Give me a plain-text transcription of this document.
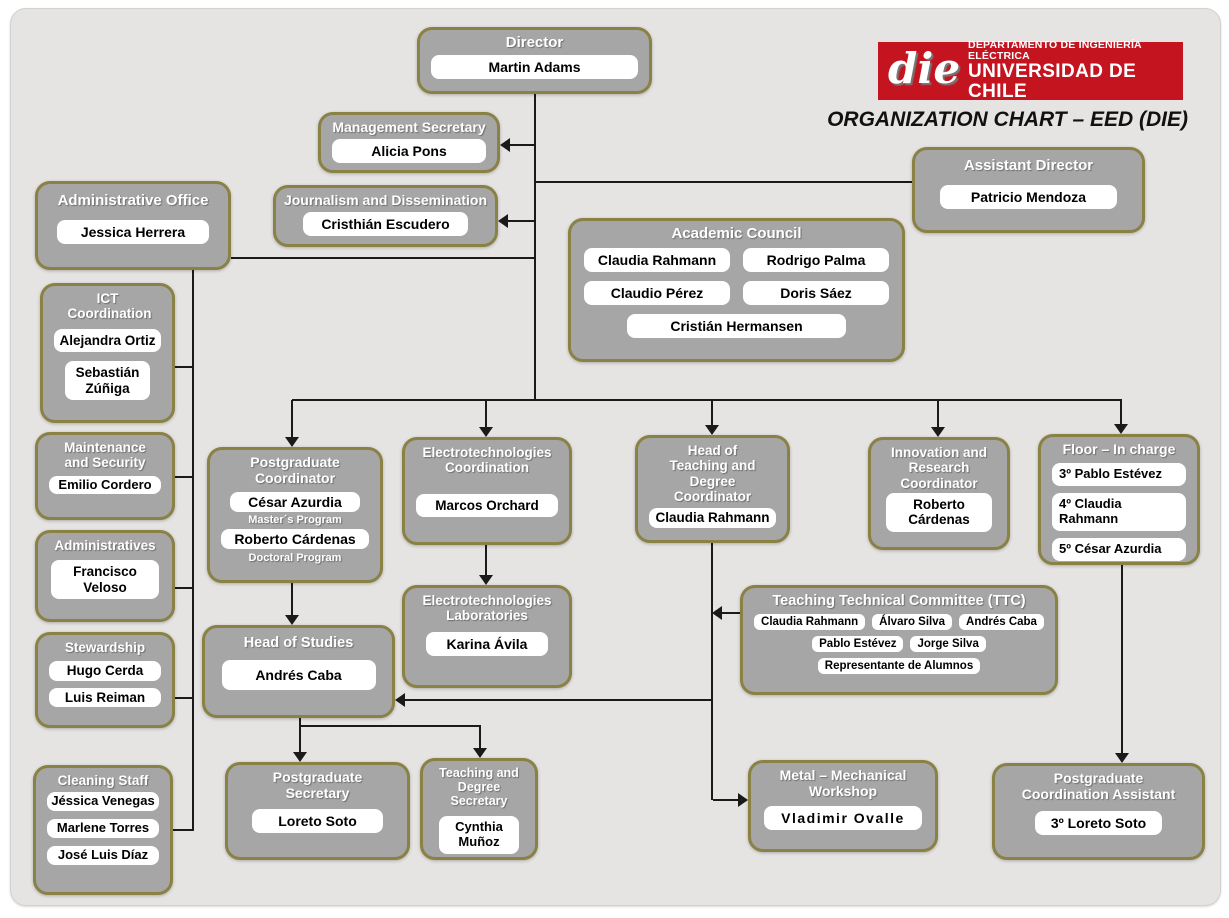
die DEPARTAMENTO DE INGENIERÍA ELÉCTRICA
UNIVERSIDAD DE CHILE
ORGANIZATION CHART – EED (DIE)
Director
Martin Adams
Management Secretary
Alicia Pons
Journalism and Dissemination
Cristhián Escudero
Administrative Office
Jessica Herrera
ICT Coordination
Alejandra Ortiz
Sebastián Zúñiga
Maintenance and Security
Emilio Cordero
Administratives
Francisco Veloso
Stewardship
Hugo Cerda
Luis Reiman
Cleaning Staff
Jéssica Venegas
Marlene Torres
José Luis Díaz
Assistant Director
Patricio Mendoza
Academic Council
Claudia Rahmann	Rodrigo Palma
Claudio Pérez	Doris Sáez
Cristián Hermansen
Postgraduate Coordinator
César Azurdia
Master´s Program
Roberto Cárdenas
Doctoral Program
Electrotechnologies Coordination
Marcos Orchard
Head of Teaching and Degree Coordinator
Claudia Rahmann
Innovation and Research Coordinator
Roberto Cárdenas
Floor – In charge
3º Pablo Estévez
4º Claudia Rahmann
5º César Azurdia
Electrotechnologies Laboratories
Karina Ávila
Teaching Technical Committee (TTC)
Claudia Rahmann	Álvaro Silva	Andrés Caba
Pablo Estévez	Jorge Silva
Representante de Alumnos
Head of Studies
Andrés Caba
Postgraduate Secretary
Loreto Soto
Teaching and Degree Secretary
Cynthia Muñoz
Metal – Mechanical Workshop
Vladimir Ovalle
Postgraduate Coordination Assistant
3º Loreto Soto
